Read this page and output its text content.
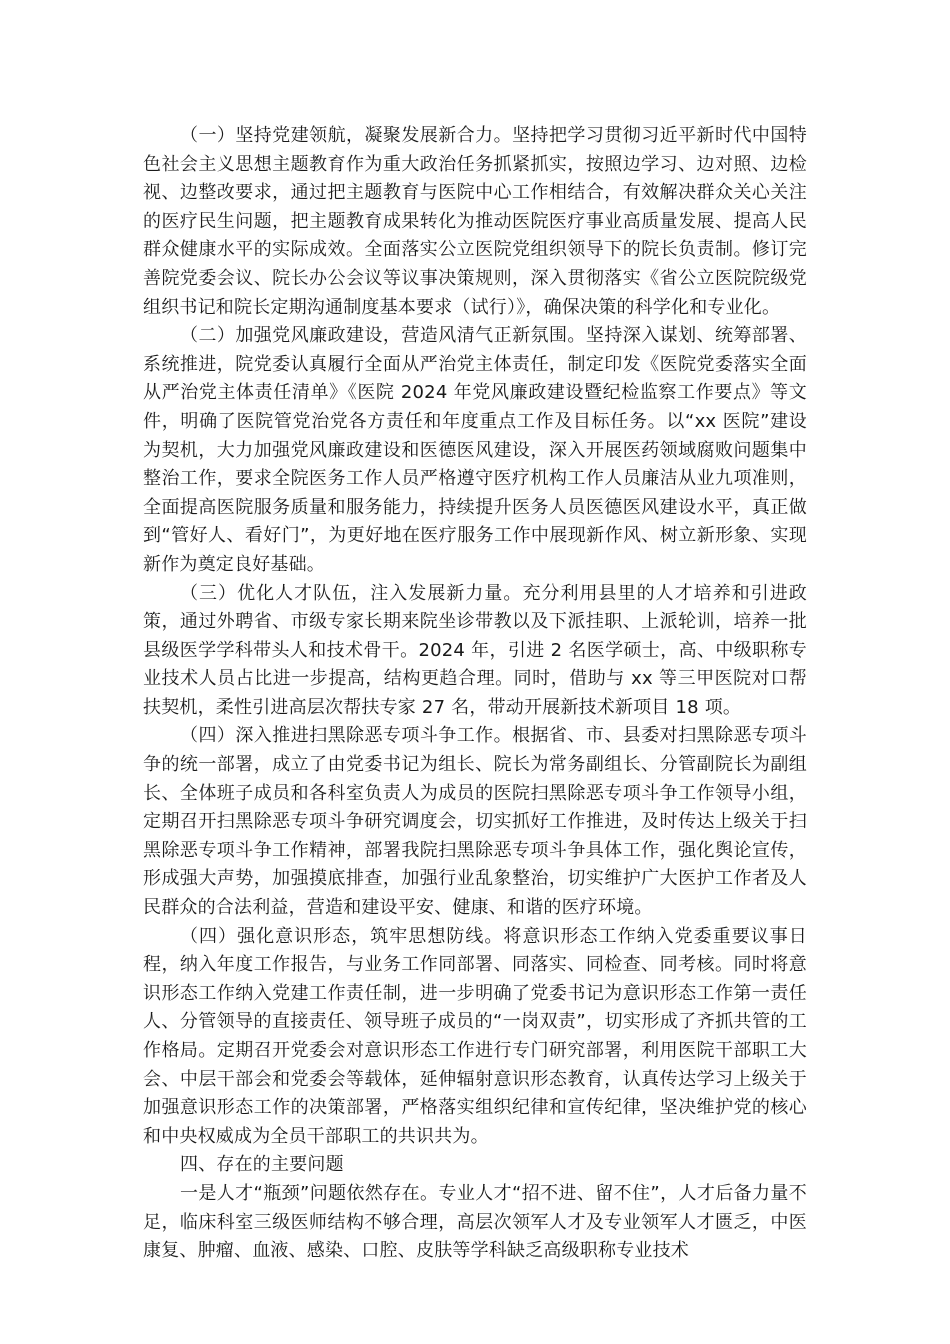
（一）坚持党建领航，凝聚发展新合力。坚持把学习贯彻习近平新时代中国特色社会主义思想主题教育作为重大政治任务抓紧抓实，按照边学习、边对照、边检视、边整改要求，通过把主题教育与医院中心工作相结合，有效解决群众关心关注的医疗民生问题，把主题教育成果转化为推动医院医疗事业高质量发展、提高人民群众健康水平的实际成效。全面落实公立医院党组织领导下的院长负责制。修订完善院党委会议、院长办公会议等议事决策规则，深入贯彻落实《省公立医院院级党组织书记和院长定期沟通制度基本要求（试行）》，确保决策的科学化和专业化。

（二）加强党风廉政建设，营造风清气正新氛围。坚持深入谋划、统筹部署、系统推进，院党委认真履行全面从严治党主体责任，制定印发《医院党委落实全面从严治党主体责任清单》《医院 2024 年党风廉政建设暨纪检监察工作要点》等文件，明确了医院管党治党各方责任和年度重点工作及目标任务。以“xx 医院”建设为契机，大力加强党风廉政建设和医德医风建设，深入开展医药领域腐败问题集中整治工作，要求全院医务工作人员严格遵守医疗机构工作人员廉洁从业九项准则，全面提高医院服务质量和服务能力，持续提升医务人员医德医风建设水平，真正做到“管好人、看好门”，为更好地在医疗服务工作中展现新作风、树立新形象、实现新作为奠定良好基础。

（三）优化人才队伍，注入发展新力量。充分利用县里的人才培养和引进政策，通过外聘省、市级专家长期来院坐诊带教以及下派挂职、上派轮训，培养一批县级医学学科带头人和技术骨干。2024 年，引进 2 名医学硕士，高、中级职称专业技术人员占比进一步提高，结构更趋合理。同时，借助与 xx 等三甲医院对口帮扶契机，柔性引进高层次帮扶专家 27 名，带动开展新技术新项目 18 项。

（四）深入推进扫黑除恶专项斗争工作。根据省、市、县委对扫黑除恶专项斗争的统一部署，成立了由党委书记为组长、院长为常务副组长、分管副院长为副组长、全体班子成员和各科室负责人为成员的医院扫黑除恶专项斗争工作领导小组，定期召开扫黑除恶专项斗争研究调度会，切实抓好工作推进，及时传达上级关于扫黑除恶专项斗争工作精神，部署我院扫黑除恶专项斗争具体工作，强化舆论宣传，形成强大声势，加强摸底排查，加强行业乱象整治，切实维护广大医护工作者及人民群众的合法利益，营造和建设平安、健康、和谐的医疗环境。

（四）强化意识形态，筑牢思想防线。将意识形态工作纳入党委重要议事日程，纳入年度工作报告，与业务工作同部署、同落实、同检查、同考核。同时将意识形态工作纳入党建工作责任制，进一步明确了党委书记为意识形态工作第一责任人、分管领导的直接责任、领导班子成员的“一岗双责”，切实形成了齐抓共管的工作格局。定期召开党委会对意识形态工作进行专门研究部署，利用医院干部职工大会、中层干部会和党委会等载体，延伸辐射意识形态教育，认真传达学习上级关于加强意识形态工作的决策部署，严格落实组织纪律和宣传纪律，坚决维护党的核心和中央权威成为全员干部职工的共识共为。

四、存在的主要问题

一是人才“瓶颈”问题依然存在。专业人才“招不进、留不住”，人才后备力量不足，临床科室三级医师结构不够合理，高层次领军人才及专业领军人才匮乏，中医康复、肿瘤、血液、感染、口腔、皮肤等学科缺乏高级职称专业技术
